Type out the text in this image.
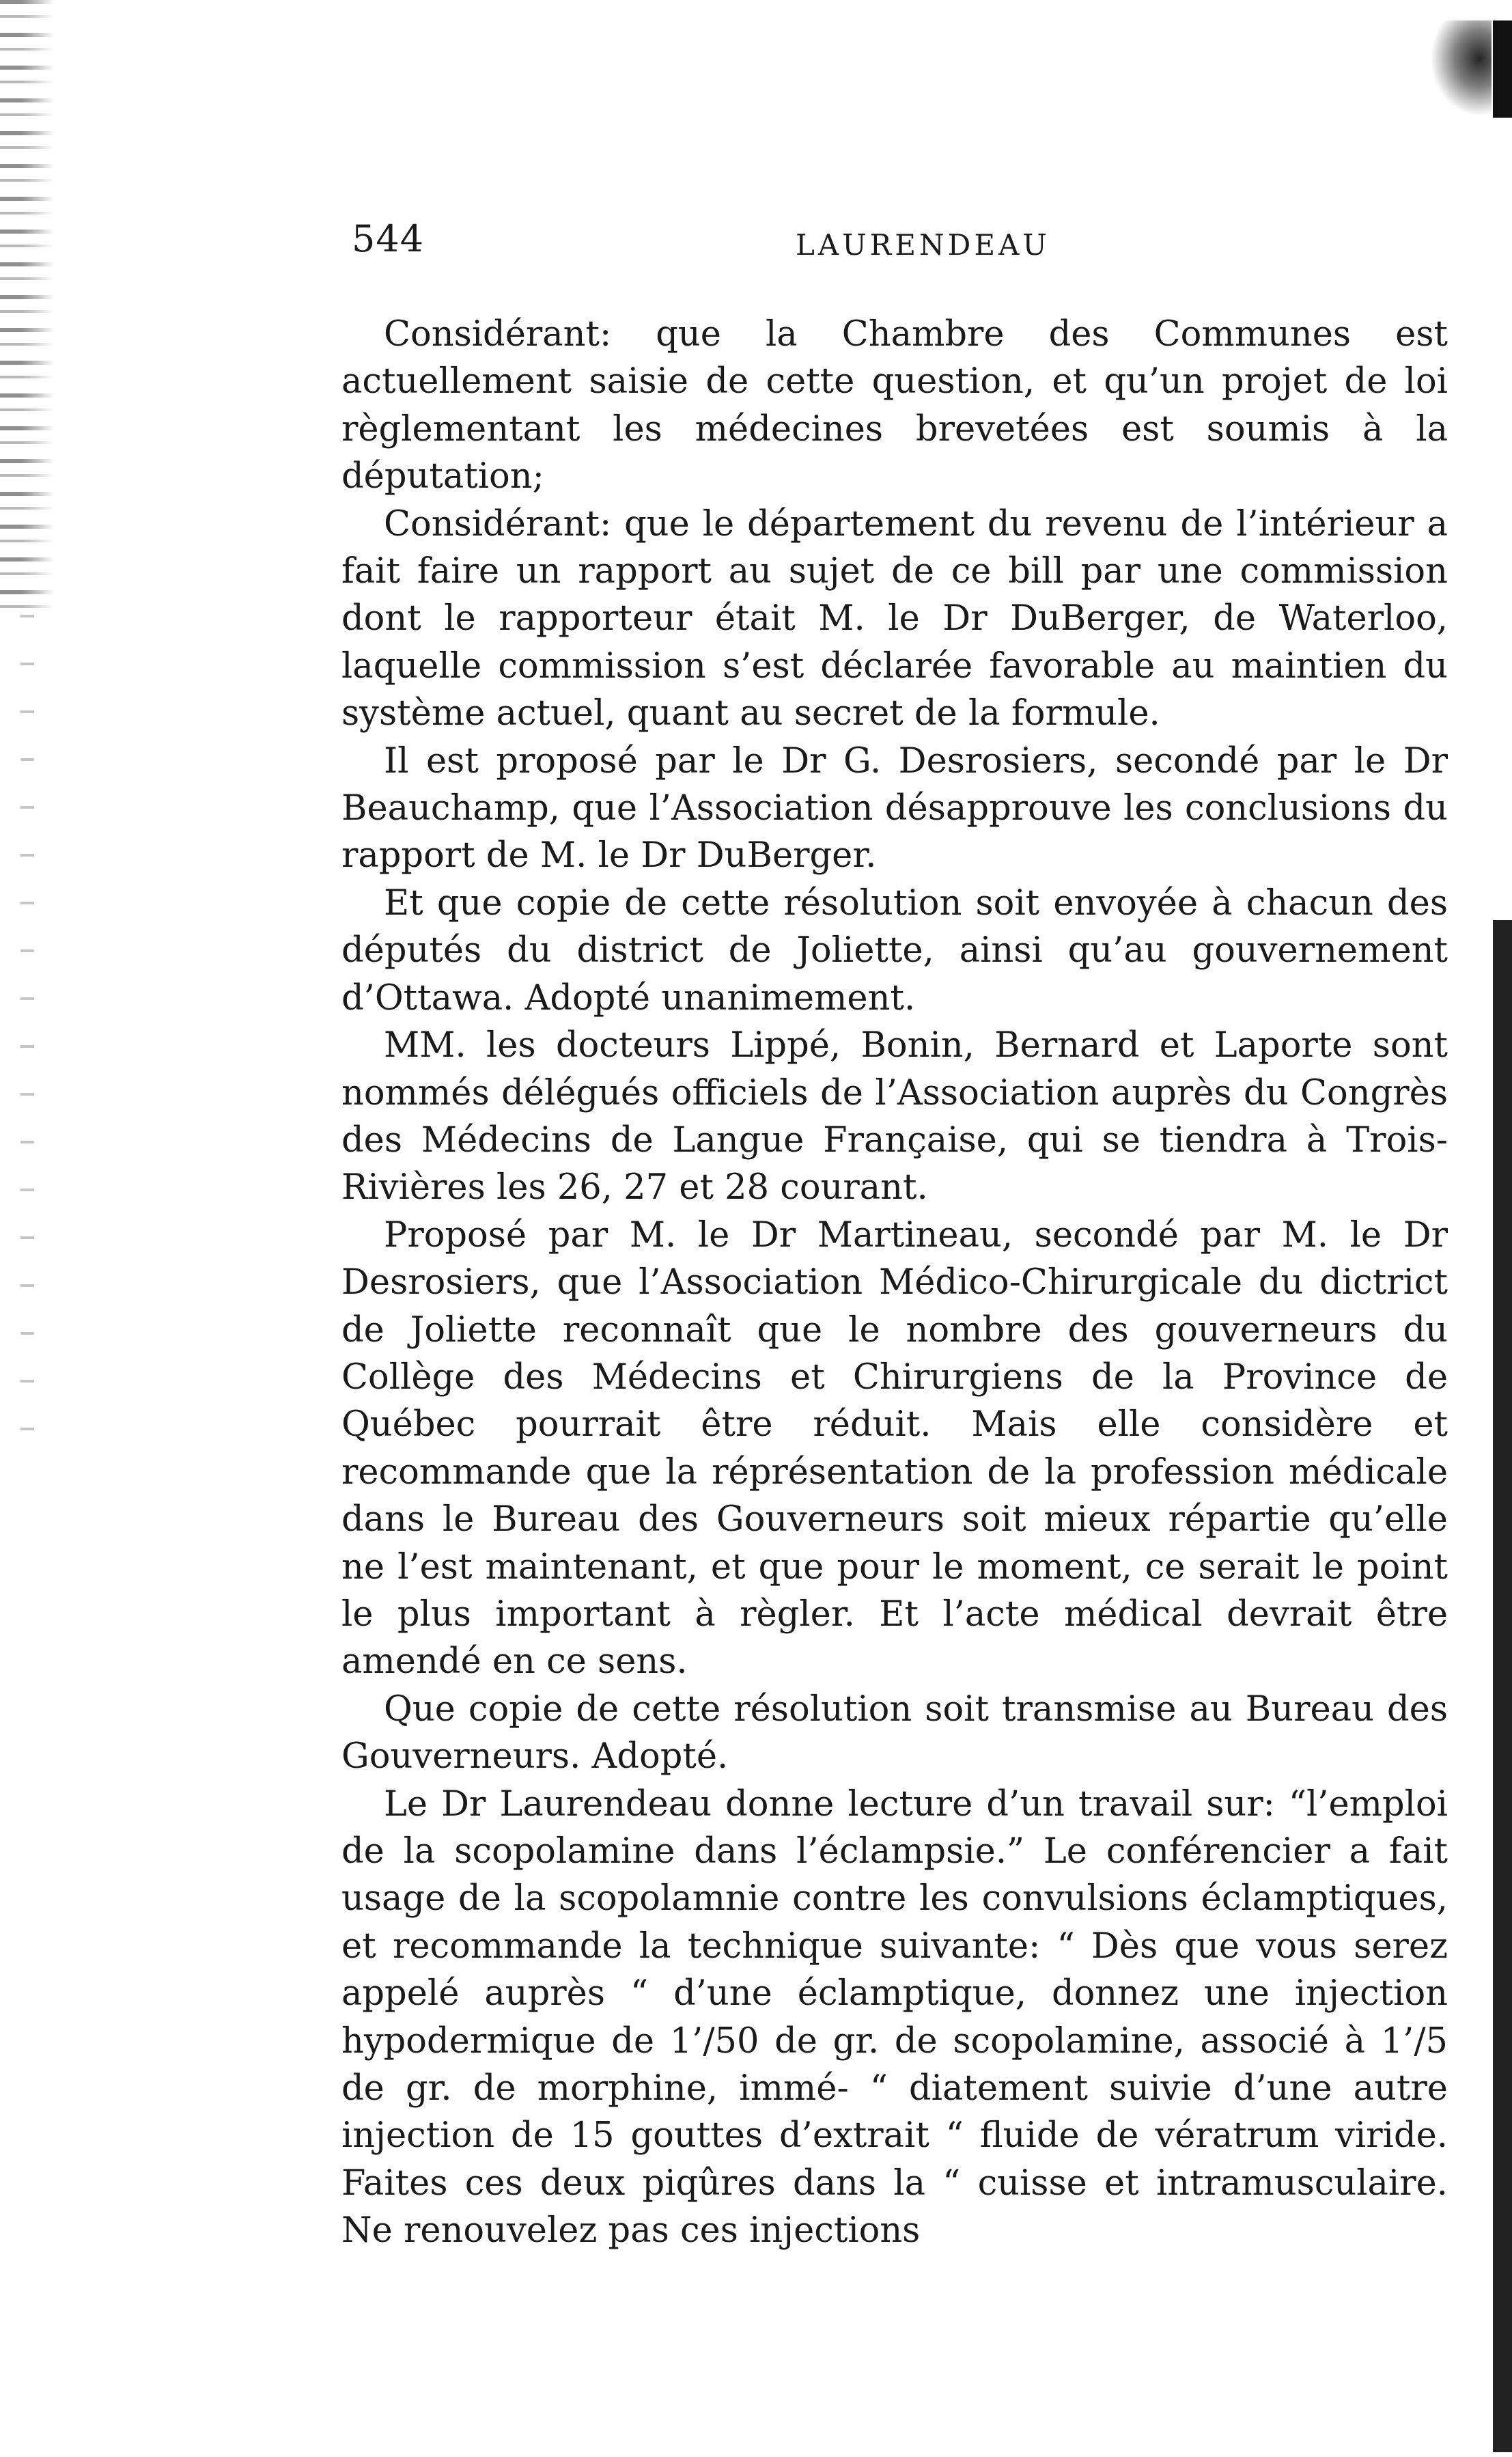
544	LAURENDEAU

Considérant: que la Chambre des Communes est actuellement saisie de cette question, et qu’un projet de loi règlementant les médecines brevetées est soumis à la députation;

Considérant: que le département du revenu de l’intérieur a fait faire un rapport au sujet de ce bill par une commission dont le rapporteur était M. le Dr DuBerger, de Waterloo, laquelle commission s’est déclarée favorable au maintien du système actuel, quant au secret de la formule.

Il est proposé par le Dr G. Desrosiers, secondé par le Dr Beauchamp, que l’Association désapprouve les conclusions du rapport de M. le Dr DuBerger.

Et que copie de cette résolution soit envoyée à chacun des députés du district de Joliette, ainsi qu’au gouvernement d’Ottawa. Adopté unanimement.

MM. les docteurs Lippé, Bonin, Bernard et Laporte sont nommés délégués officiels de l’Association auprès du Congrès des Médecins de Langue Française, qui se tiendra à Trois-Rivières les 26, 27 et 28 courant.

Proposé par M. le Dr Martineau, secondé par M. le Dr Desrosiers, que l’Association Médico-Chirurgicale du dictrict de Joliette reconnaît que le nombre des gouverneurs du Collège des Médecins et Chirurgiens de la Province de Québec pourrait être réduit. Mais elle considère et recommande que la réprésentation de la profession médicale dans le Bureau des Gouverneurs soit mieux répartie qu’elle ne l’est maintenant, et que pour le moment, ce serait le point le plus important à règler. Et l’acte médical devrait être amendé en ce sens.

Que copie de cette résolution soit transmise au Bureau des Gouverneurs. Adopté.

Le Dr Laurendeau donne lecture d’un travail sur: “l’emploi de la scopolamine dans l’éclampsie.” Le conférencier a fait usage de la scopolamnie contre les convulsions éclamptiques, et recommande la technique suivante: “ Dès que vous serez appelé auprès “ d’une éclamptique, donnez une injection hypodermique de 1’/50 de gr. de scopolamine, associé à 1’/5 de gr. de morphine, immé- “ diatement suivie d’une autre injection de 15 gouttes d’extrait “ fluide de vératrum viride. Faites ces deux piqûres dans la “ cuisse et intramusculaire. Ne renouvelez pas ces injections
